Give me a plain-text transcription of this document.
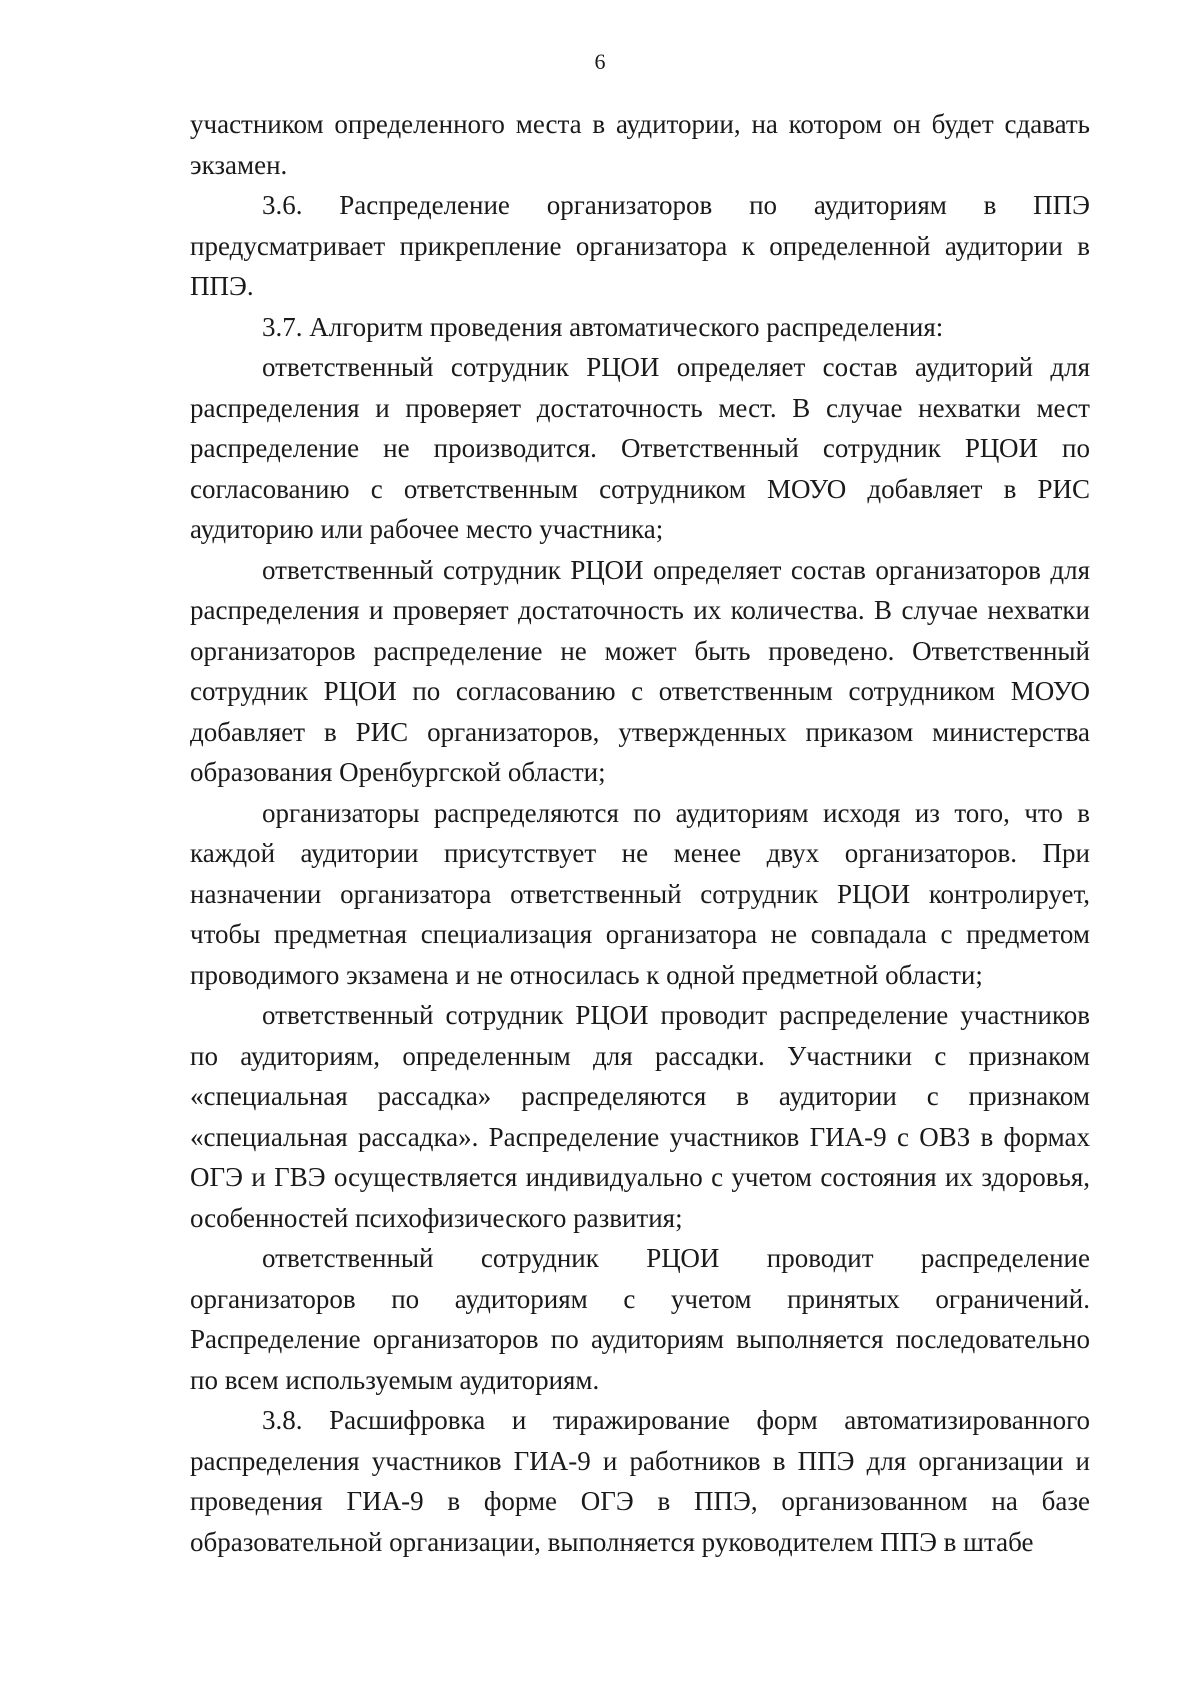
6

участником определенного места в аудитории, на котором он будет сдавать экзамен.

3.6. Распределение организаторов по аудиториям в ППЭ предусматривает прикрепление организатора к определенной аудитории в ППЭ.

3.7. Алгоритм проведения автоматического распределения:

ответственный сотрудник РЦОИ определяет состав аудиторий для распределения и проверяет достаточность мест. В случае нехватки мест распределение не производится. Ответственный сотрудник РЦОИ по согласованию с ответственным сотрудником МОУО добавляет в РИС аудиторию или рабочее место участника;

ответственный сотрудник РЦОИ определяет состав организаторов для распределения и проверяет достаточность их количества. В случае нехватки организаторов распределение не может быть проведено. Ответственный сотрудник РЦОИ по согласованию с ответственным сотрудником МОУО добавляет в РИС организаторов, утвержденных приказом министерства образования Оренбургской области;

организаторы распределяются по аудиториям исходя из того, что в каждой аудитории присутствует не менее двух организаторов. При назначении организатора ответственный сотрудник РЦОИ контролирует, чтобы предметная специализация организатора не совпадала с предметом проводимого экзамена и не относилась к одной предметной области;

ответственный сотрудник РЦОИ проводит распределение участников по аудиториям, определенным для рассадки. Участники с признаком «специальная рассадка» распределяются в аудитории с признаком «специальная рассадка». Распределение участников ГИА-9 с ОВЗ в формах ОГЭ и ГВЭ осуществляется индивидуально с учетом состояния их здоровья, особенностей психофизического развития;

ответственный сотрудник РЦОИ проводит распределение организаторов по аудиториям с учетом принятых ограничений. Распределение организаторов по аудиториям выполняется последовательно по всем используемым аудиториям.

3.8. Расшифровка и тиражирование форм автоматизированного распределения участников ГИА-9 и работников в ППЭ для организации и проведения ГИА-9 в форме ОГЭ в ППЭ, организованном на базе образовательной организации, выполняется руководителем ППЭ в штабе
